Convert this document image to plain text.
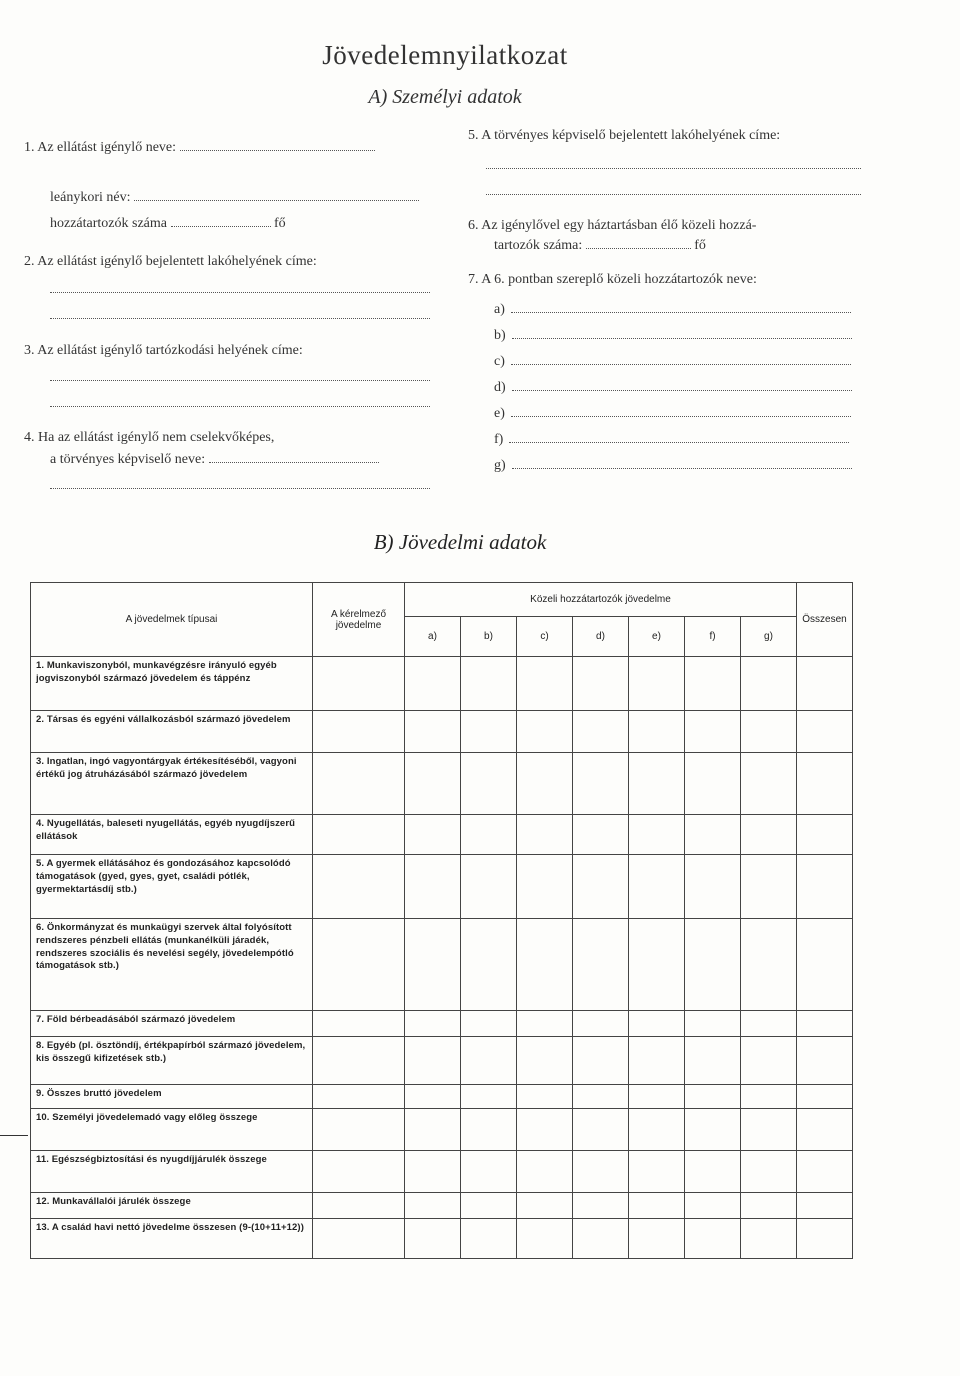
Jövedelemnyilatkozat
A) Személyi adatok
1. Az ellátást igénylő neve:
leánykori név:
hozzátartozók száma	fő
2. Az ellátást igénylő bejelentett lakóhelyének címe:
3. Az ellátást igénylő tartózkodási helyének címe:
4. Ha az ellátást igénylő nem cselekvőképes,
a törvényes képviselő neve:
5. A törvényes képviselő bejelentett lakóhelyének címe:
6. Az igénylővel egy háztartásban élő közeli hozzá-
tartozók száma:	fő
7. A 6. pontban szereplő közeli hozzátartozók neve:
a)
b)
c)
d)
e)
f)
g)
B) Jövedelmi adatok
A jövedelmek típusai	A kérelmező jövedelme	Közeli hozzátartozók jövedelme							Összesen
		a)	b)	c)	d)	e)	f)	g)	
1. Munkaviszonyból, munkavégzésre irányuló egyéb jogviszonyból származó jövedelem és táppénz									
2. Társas és egyéni vállalkozásból származó jövedelem									
3. Ingatlan, ingó vagyontárgyak értékesítéséből, vagyoni értékű jog átruházásából származó jövedelem									
4. Nyugellátás, baleseti nyugellátás, egyéb nyugdíjszerű ellátások									
5. A gyermek ellátásához és gondozásához kapcsolódó támogatások (gyed, gyes, gyet, családi pótlék, gyermektartásdíj stb.)									
6. Önkormányzat és munkaügyi szervek által folyósított rendszeres pénzbeli ellátás (munkanélküli járadék, rendszeres szociális és nevelési segély, jövedelempótló támogatások stb.)									
7. Föld bérbeadásából származó jövedelem									
8. Egyéb (pl. ösztöndíj, értékpapírból származó jövedelem, kis összegű kifizetések stb.)									
9. Összes bruttó jövedelem									
10. Személyi jövedelemadó vagy előleg összege									
11. Egészségbiztosítási és nyugdíjjárulék összege									
12. Munkavállalói járulék összege									
13. A család havi nettó jövedelme összesen (9-(10+11+12))									
